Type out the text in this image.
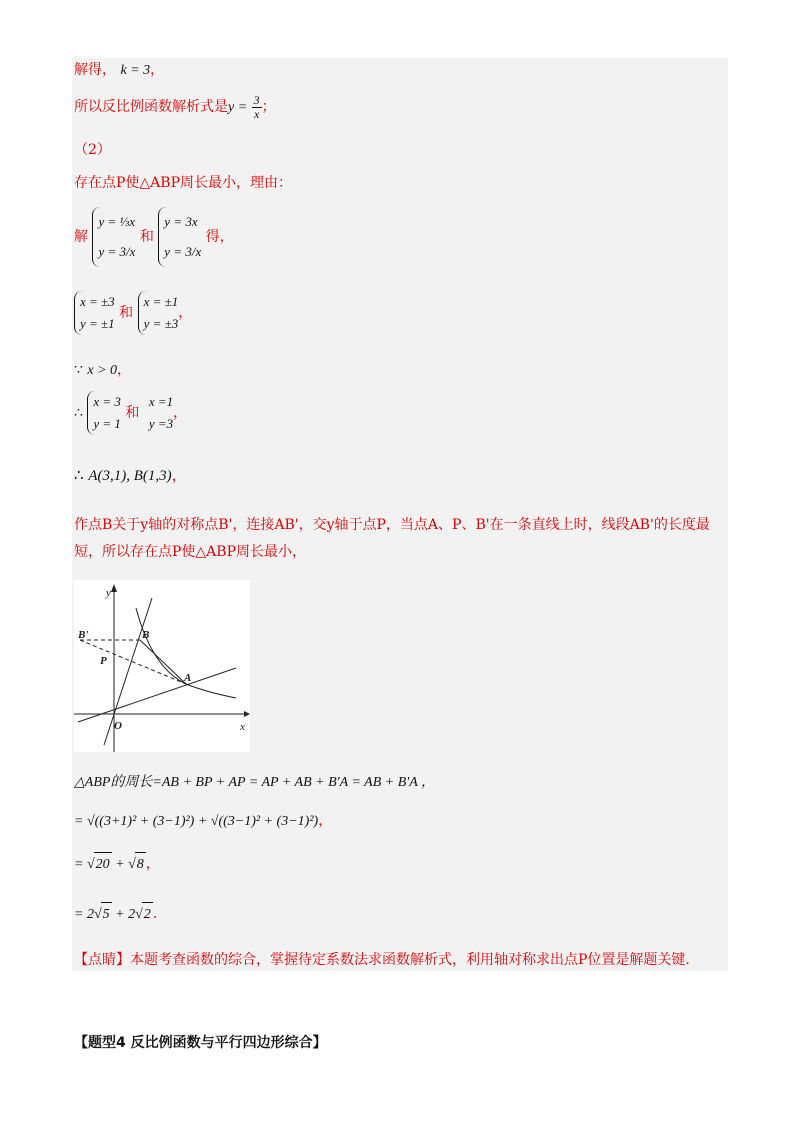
解得， k = 3，
所以反比例函数解析式是$y = \frac{3}{x}$ ；
（2）
存在点P使△ABP周长最小，理由：
解 y = ⅓x
y = 3/x 和 y = 3x
y = 3/x 得，
x = ±3
y = ±1 和 x = ±1
y = ±3，
∵ x > 0，
∴ x = 3
y = 1 和 x =1
y =3，
∴ A(3,1), B(1,3)，
作点B关于y轴的对称点B'，连接AB'，交y轴于点P，当点A、P、B'在一条直线上时，线段AB'的长度最短，所以存在点P使△ABP周长最小，
y
x
O
B
A
B'
P
△ABP的周长=AB + BP + AP = AP + AB + B'A = AB + B'A ，
= √((3+1)² + (3−1)²) + √((3−1)² + (3−1)²)，
= √20 + √8 ，
= 2√5 + 2√2 .
【点睛】本题考查函数的综合，掌握待定系数法求函数解析式，利用轴对称求出点P位置是解题关键.
【题型4 反比例函数与平行四边形综合】
